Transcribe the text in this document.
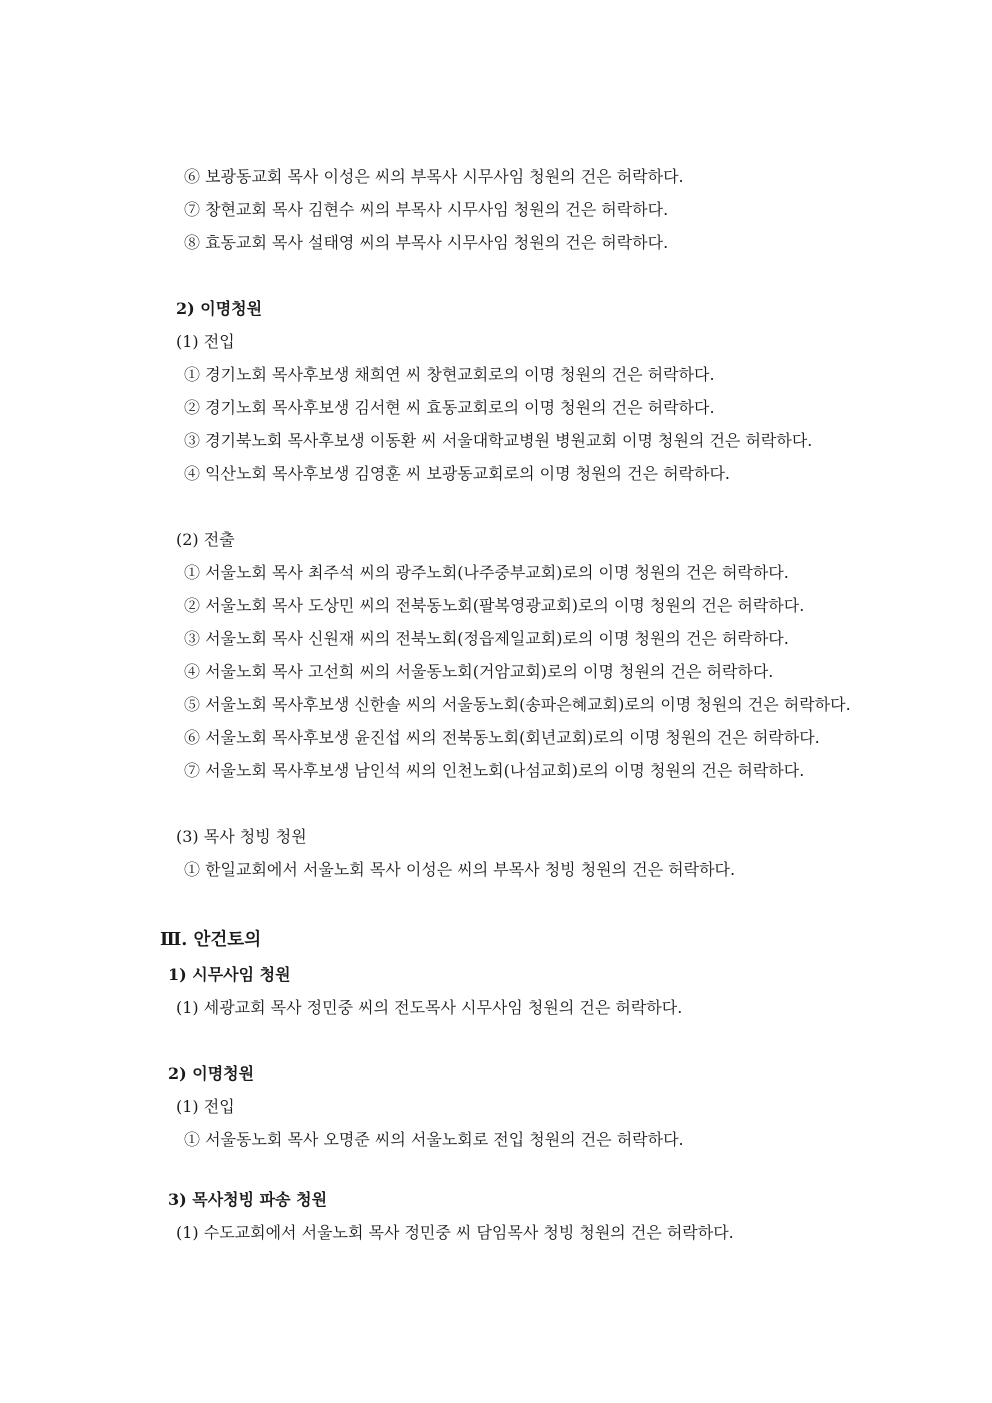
⑥ 보광동교회 목사 이성은 씨의 부목사 시무사임 청원의 건은 허락하다.

⑦ 창현교회 목사 김현수 씨의 부목사 시무사임 청원의 건은 허락하다.

⑧ 효동교회 목사 설태영 씨의 부목사 시무사임 청원의 건은 허락하다.

2) 이명청원

(1) 전입

① 경기노회 목사후보생 채희연 씨 창현교회로의 이명 청원의 건은 허락하다.

② 경기노회 목사후보생 김서현 씨 효동교회로의 이명 청원의 건은 허락하다.

③ 경기북노회 목사후보생 이동환 씨 서울대학교병원 병원교회 이명 청원의 건은 허락하다.

④ 익산노회 목사후보생 김영훈 씨 보광동교회로의 이명 청원의 건은 허락하다.

(2) 전출

① 서울노회 목사 최주석 씨의 광주노회(나주중부교회)로의 이명 청원의 건은 허락하다.

② 서울노회 목사 도상민 씨의 전북동노회(팔복영광교회)로의 이명 청원의 건은 허락하다.

③ 서울노회 목사 신원재 씨의 전북노회(정읍제일교회)로의 이명 청원의 건은 허락하다.

④ 서울노회 목사 고선희 씨의 서울동노회(거암교회)로의 이명 청원의 건은 허락하다.

⑤ 서울노회 목사후보생 신한솔 씨의 서울동노회(송파은혜교회)로의 이명 청원의 건은 허락하다.

⑥ 서울노회 목사후보생 윤진섭 씨의 전북동노회(회년교회)로의 이명 청원의 건은 허락하다.

⑦ 서울노회 목사후보생 남인석 씨의 인천노회(나섬교회)로의 이명 청원의 건은 허락하다.

(3) 목사 청빙 청원

① 한일교회에서 서울노회 목사 이성은 씨의 부목사 청빙 청원의 건은 허락하다.

Ⅲ. 안건토의

1) 시무사임 청원

(1) 세광교회 목사 정민중 씨의 전도목사 시무사임 청원의 건은 허락하다.

2) 이명청원

(1) 전입

① 서울동노회 목사 오명준 씨의 서울노회로 전입 청원의 건은 허락하다.

3) 목사청빙 파송 청원

(1) 수도교회에서 서울노회 목사 정민중 씨 담임목사 청빙 청원의 건은 허락하다.
